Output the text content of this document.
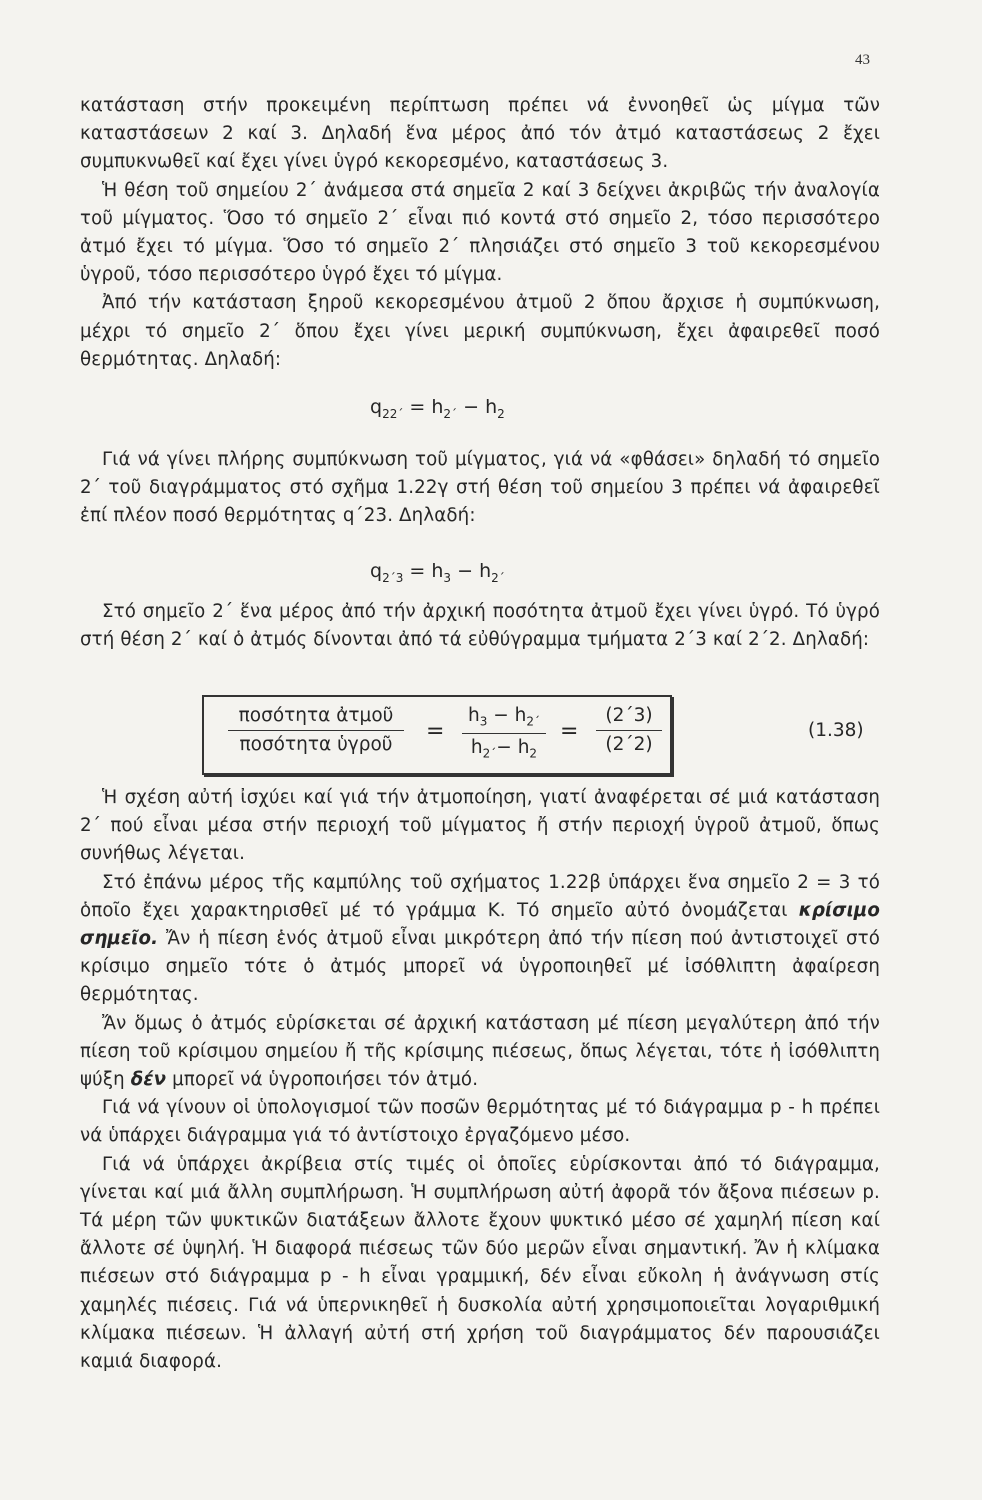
43

κατάσταση στήν προκειμένη περίπτωση πρέπει νά ἐννοηθεῖ ὡς μίγμα τῶν καταστάσεων 2 καί 3. Δηλαδή ἕνα μέρος ἀπό τόν ἀτμό καταστάσεως 2 ἔχει συμπυκνωθεῖ καί ἔχει γίνει ὑγρό κεκορεσμένο, καταστάσεως 3.

Ἡ θέση τοῦ σημείου 2΄ ἀνάμεσα στά σημεῖα 2 καί 3 δείχνει ἀκριβῶς τήν ἀναλογία τοῦ μίγματος. Ὅσο τό σημεῖο 2΄ εἶναι πιό κοντά στό σημεῖο 2, τόσο περισσότερο ἀτμό ἔχει τό μίγμα. Ὅσο τό σημεῖο 2΄ πλησιάζει στό σημεῖο 3 τοῦ κεκορεσμένου ὑγροῦ, τόσο περισσότερο ὑγρό ἔχει τό μίγμα.

Ἀπό τήν κατάσταση ξηροῦ κεκορεσμένου ἀτμοῦ 2 ὅπου ἄρχισε ἡ συμπύκνωση, μέχρι τό σημεῖο 2΄ ὅπου ἔχει γίνει μερική συμπύκνωση, ἔχει ἀφαιρεθεῖ ποσό θερμότητας. Δηλαδή:

$q_{22΄} = h_{2΄} - h_2$

Γιά νά γίνει πλήρης συμπύκνωση τοῦ μίγματος, γιά νά «φθάσει» δηλαδή τό σημεῖο 2΄ τοῦ διαγράμματος στό σχῆμα 1.22γ στή θέση τοῦ σημείου 3 πρέπει νά ἀφαιρεθεῖ ἐπί πλέον ποσό θερμότητας q΄23. Δηλαδή:

$q_{2΄3} = h_3 - h_{2΄}$

Στό σημεῖο 2΄ ἕνα μέρος ἀπό τήν ἀρχική ποσότητα ἀτμοῦ ἔχει γίνει ὑγρό. Τό ὑγρό στή θέση 2΄ καί ὁ ἀτμός δίνονται ἀπό τά εὐθύγραμμα τμήματα 2΄3 καί 2΄2. Δηλαδή:

ποσότητα ἀτμοῦ
ποσότητα ὑγροῦ
=
$h_3 - h_{2΄}$
$h_{2΄}- h_2$
=
(2΄3)
(2΄2)
(1.38)

Ἡ σχέση αὐτή ἰσχύει καί γιά τήν ἀτμοποίηση, γιατί ἀναφέρεται σέ μιά κατάσταση 2΄ πού εἶναι μέσα στήν περιοχή τοῦ μίγματος ἤ στήν περιοχή ὑγροῦ ἀτμοῦ, ὅπως συνήθως λέγεται.

Στό ἐπάνω μέρος τῆς καμπύλης τοῦ σχήματος 1.22β ὑπάρχει ἕνα σημεῖο 2 = 3 τό ὁποῖο ἔχει χαρακτηρισθεῖ μέ τό γράμμα Κ. Τό σημεῖο αὐτό ὀνομάζεται κρίσιμο σημεῖο. Ἄν ἡ πίεση ἑνός ἀτμοῦ εἶναι μικρότερη ἀπό τήν πίεση πού ἀντιστοιχεῖ στό κρίσιμο σημεῖο τότε ὁ ἀτμός μπορεῖ νά ὑγροποιηθεῖ μέ ἰσόθλιπτη ἀφαίρεση θερμότητας.

Ἄν ὅμως ὁ ἀτμός εὑρίσκεται σέ ἀρχική κατάσταση μέ πίεση μεγαλύτερη ἀπό τήν πίεση τοῦ κρίσιμου σημείου ἤ τῆς κρίσιμης πιέσεως, ὅπως λέγεται, τότε ἡ ἰσόθλιπτη ψύξη δέν μπορεῖ νά ὑγροποιήσει τόν ἀτμό.

Γιά νά γίνουν οἱ ὑπολογισμοί τῶν ποσῶν θερμότητας μέ τό διάγραμμα p - h πρέπει νά ὑπάρχει διάγραμμα γιά τό ἀντίστοιχο ἐργαζόμενο μέσο.

Γιά νά ὑπάρχει ἀκρίβεια στίς τιμές οἱ ὁποῖες εὑρίσκονται ἀπό τό διάγραμμα, γίνεται καί μιά ἄλλη συμπλήρωση. Ἡ συμπλήρωση αὐτή ἀφορᾶ τόν ἄξονα πιέσεων p. Τά μέρη τῶν ψυκτικῶν διατάξεων ἄλλοτε ἔχουν ψυκτικό μέσο σέ χαμηλή πίεση καί ἄλλοτε σέ ὑψηλή. Ἡ διαφορά πιέσεως τῶν δύο μερῶν εἶναι σημαντική. Ἄν ἡ κλίμακα πιέσεων στό διάγραμμα p - h εἶναι γραμμική, δέν εἶναι εὔκολη ἡ ἀνάγνωση στίς χαμηλές πιέσεις. Γιά νά ὑπερνικηθεῖ ἡ δυσκολία αὐτή χρησιμοποιεῖται λογαριθμική κλίμακα πιέσεων. Ἡ ἀλλαγή αὐτή στή χρήση τοῦ διαγράμματος δέν παρουσιάζει καμιά διαφορά.
